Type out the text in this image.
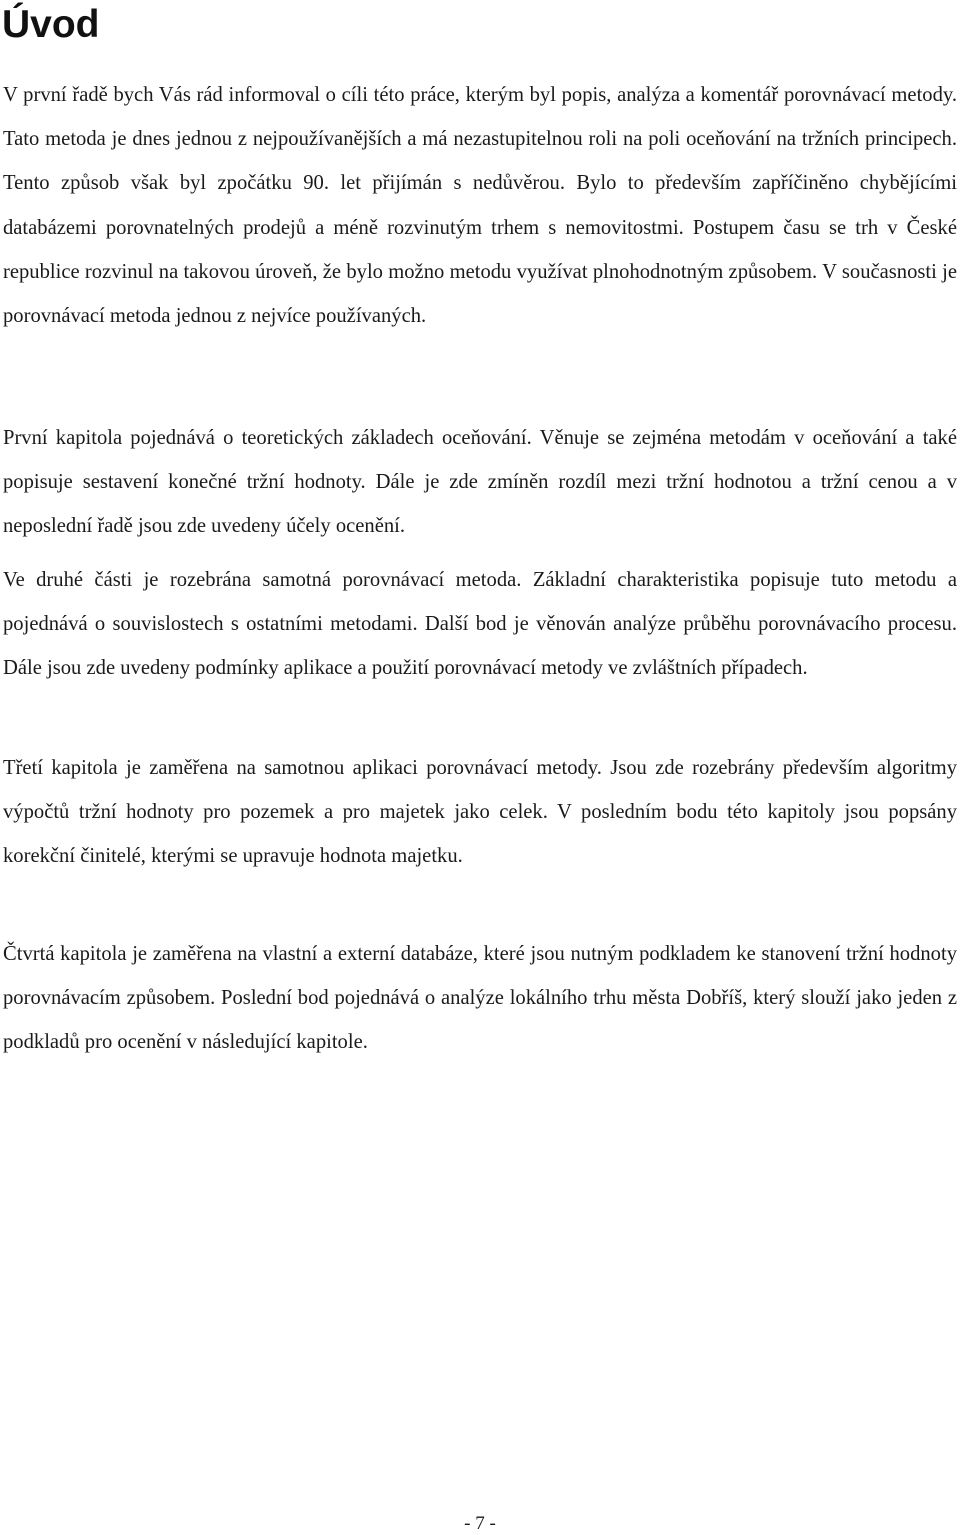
Úvod

V první řadě bych Vás rád informoval o cíli této práce, kterým byl popis, analýza a komentář porovnávací metody. Tato metoda je dnes jednou z nejpoužívanějších a má nezastupitelnou roli na poli oceňování na tržních principech. Tento způsob však byl zpočátku 90. let přijímán s nedůvěrou. Bylo to především zapříčiněno chybějícími databázemi porovnatelných prodejů a méně rozvinutým trhem s nemovitostmi. Postupem času se trh v České republice rozvinul na takovou úroveň, že bylo možno metodu využívat plnohodnotným způsobem. V současnosti je porovnávací metoda jednou z nejvíce používaných.

První kapitola pojednává o teoretických základech oceňování. Věnuje se zejména metodám v oceňování a také popisuje sestavení konečné tržní hodnoty. Dále je zde zmíněn rozdíl mezi tržní hodnotou a tržní cenou a v neposlední řadě jsou zde uvedeny účely ocenění.

Ve druhé části je rozebrána samotná porovnávací metoda. Základní charakteristika popisuje tuto metodu a pojednává o souvislostech s ostatními metodami. Další bod je věnován analýze průběhu porovnávacího procesu. Dále jsou zde uvedeny podmínky aplikace a použití porovnávací metody ve zvláštních případech.

Třetí kapitola je zaměřena na samotnou aplikaci porovnávací metody. Jsou zde rozebrány především algoritmy výpočtů tržní hodnoty pro pozemek a pro majetek jako celek. V posledním bodu této kapitoly jsou popsány korekční činitelé, kterými se upravuje hodnota majetku.

Čtvrtá kapitola je zaměřena na vlastní a externí databáze, které jsou nutným podkladem ke stanovení tržní hodnoty porovnávacím způsobem. Poslední bod pojednává o analýze lokálního trhu města Dobříš, který slouží jako jeden z podkladů pro ocenění v následující kapitole.

- 7 -
